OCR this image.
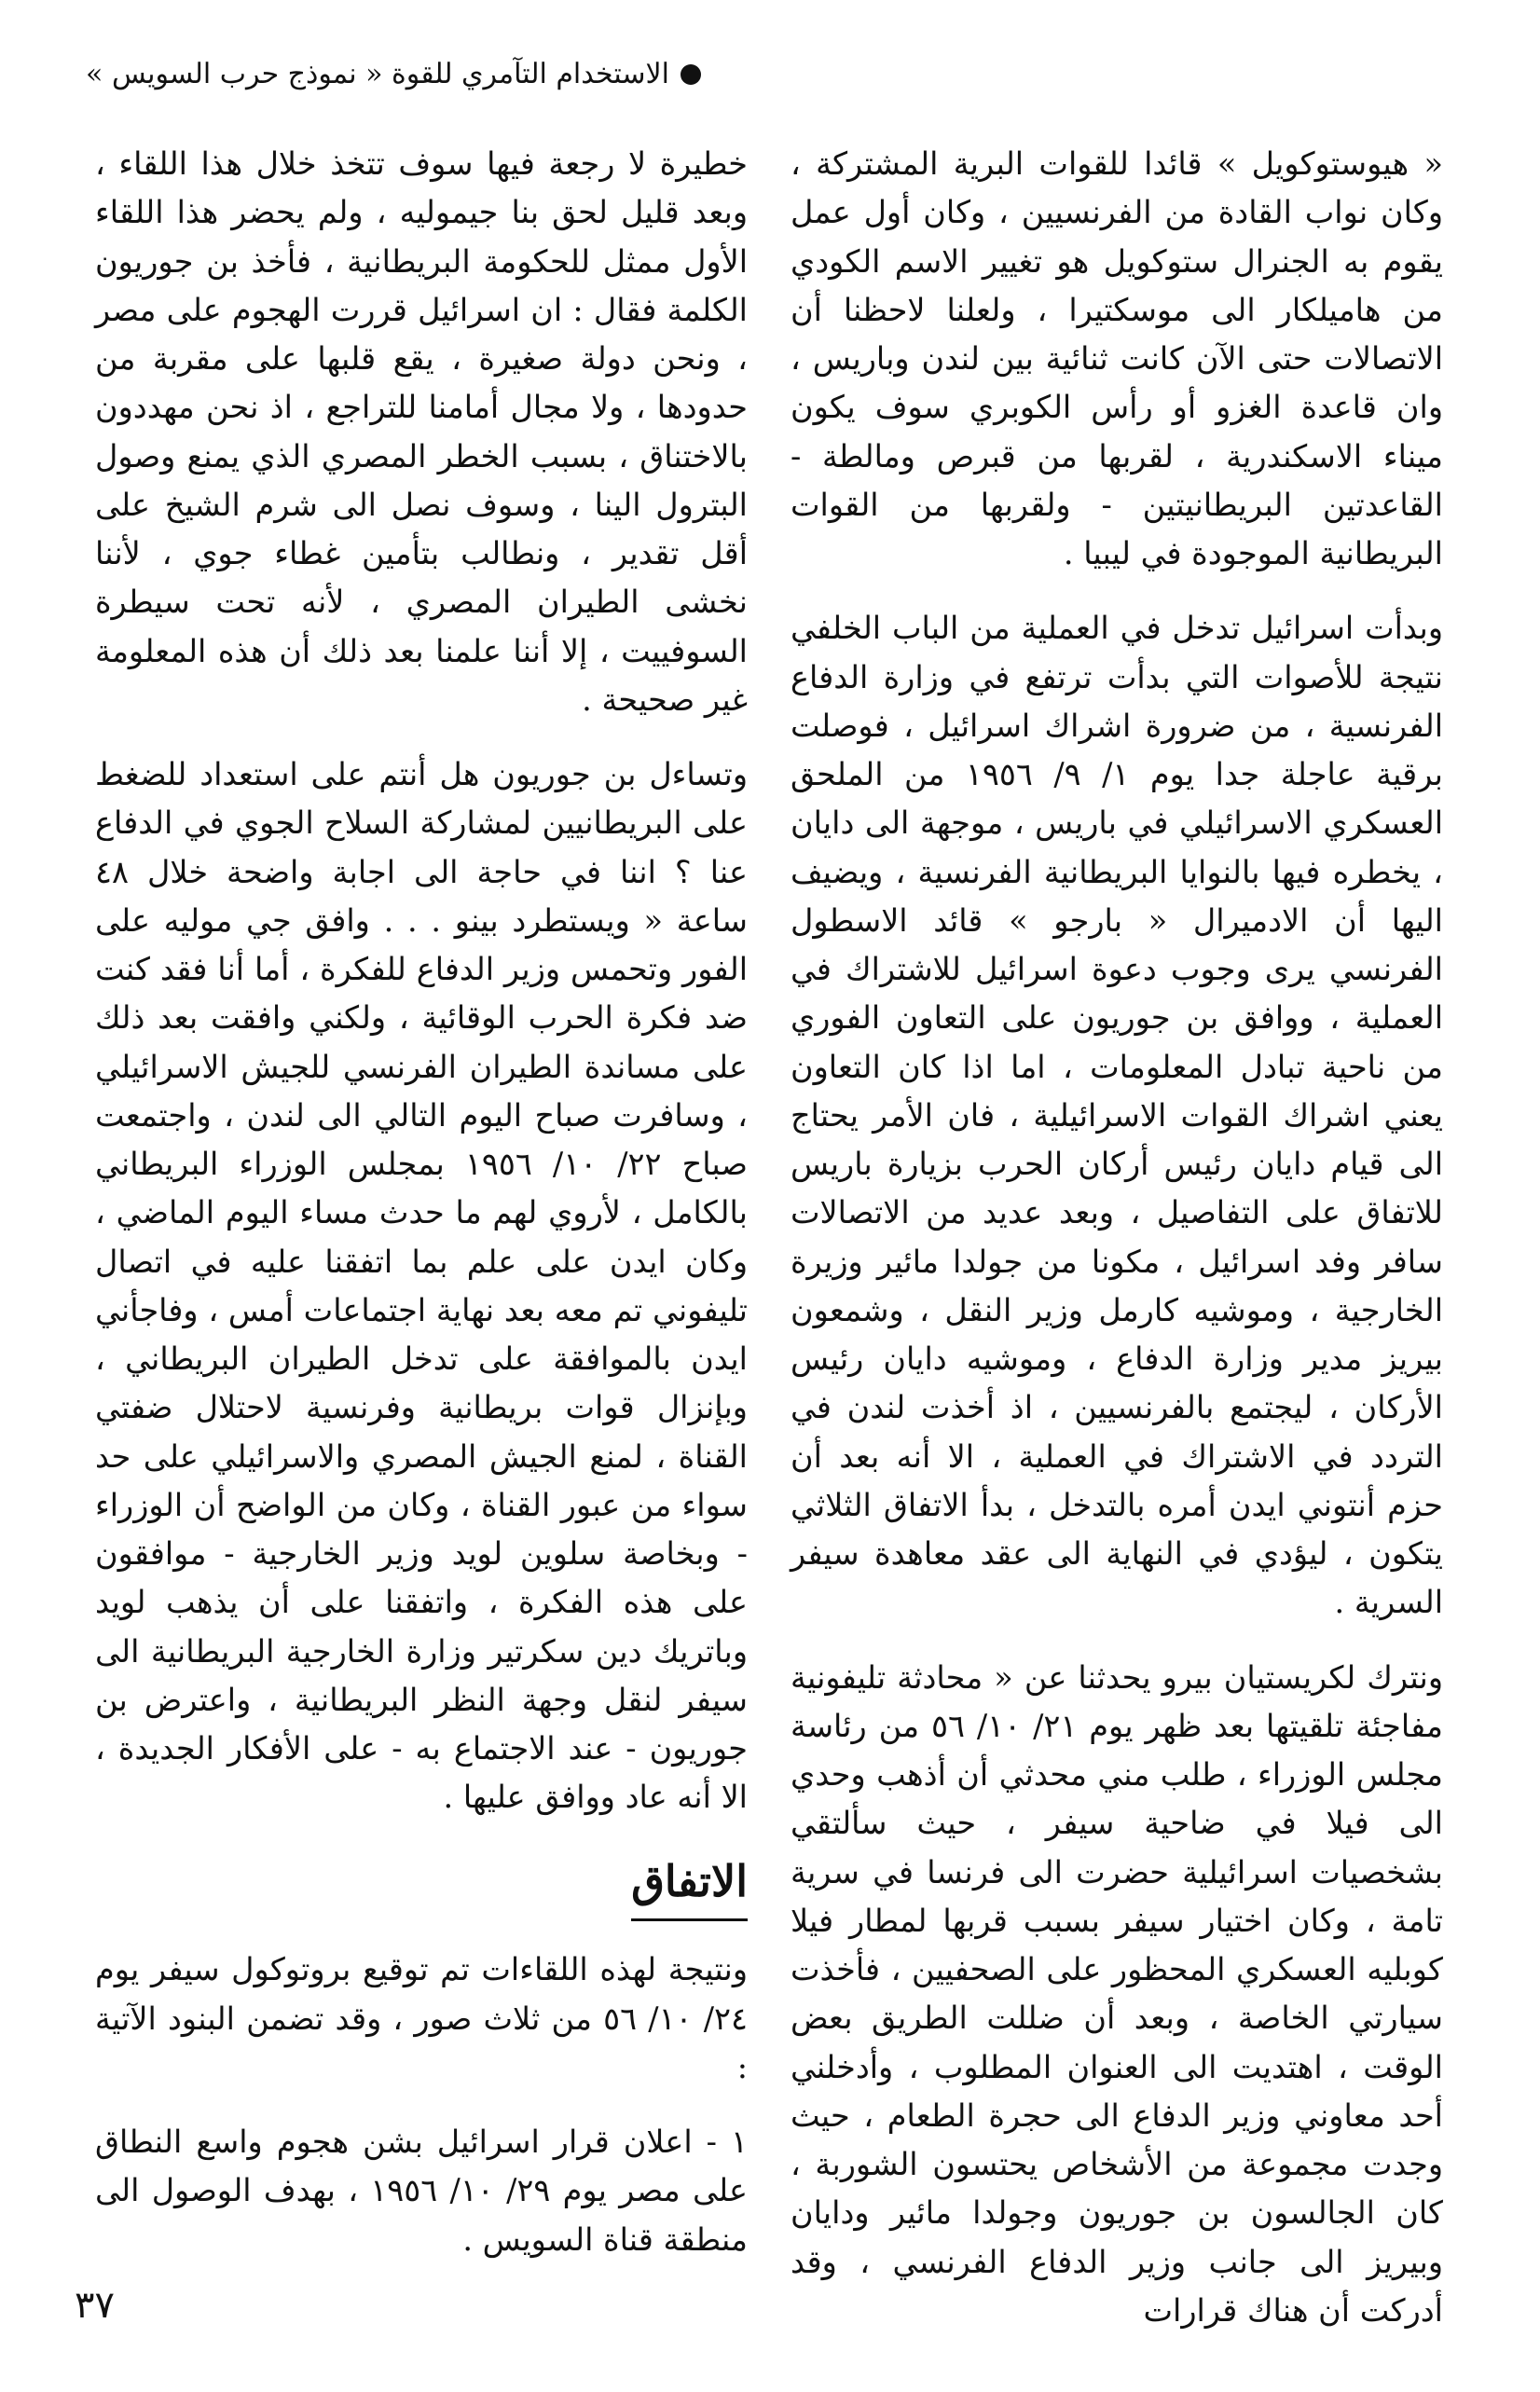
الاستخدام التآمري للقوة « نموذج حرب السويس »

« هيوستوكويل » قائدا للقوات البرية المشتركة ، وكان نواب القادة من الفرنسيين ، وكان أول عمل يقوم به الجنرال ستوكويل هو تغيير الاسم الكودي من هاميلكار الى موسكتيرا ، ولعلنا لاحظنا أن الاتصالات حتى الآن كانت ثنائية بين لندن وباريس ، وان قاعدة الغزو أو رأس الكوبري سوف يكون ميناء الاسكندرية ، لقربها من قبرص ومالطة - القاعدتين البريطانيتين - ولقربها من القوات البريطانية الموجودة في ليبيا .

وبدأت اسرائيل تدخل في العملية من الباب الخلفي نتيجة للأصوات التي بدأت ترتفع في وزارة الدفاع الفرنسية ، من ضرورة اشراك اسرائيل ، فوصلت برقية عاجلة جدا يوم ١/ ٩/ ١٩٥٦ من الملحق العسكري الاسرائيلي في باريس ، موجهة الى دايان ، يخطره فيها بالنوايا البريطانية الفرنسية ، ويضيف اليها أن الادميرال « بارجو » قائد الاسطول الفرنسي يرى وجوب دعوة اسرائيل للاشتراك في العملية ، ووافق بن جوريون على التعاون الفوري من ناحية تبادل المعلومات ، اما اذا كان التعاون يعني اشراك القوات الاسرائيلية ، فان الأمر يحتاج الى قيام دايان رئيس أركان الحرب بزيارة باريس للاتفاق على التفاصيل ، وبعد عديد من الاتصالات سافر وفد اسرائيل ، مكونا من جولدا مائير وزيرة الخارجية ، وموشيه كارمل وزير النقل ، وشمعون بيريز مدير وزارة الدفاع ، وموشيه دايان رئيس الأركان ، ليجتمع بالفرنسيين ، اذ أخذت لندن في التردد في الاشتراك في العملية ، الا أنه بعد أن حزم أنتوني ايدن أمره بالتدخل ، بدأ الاتفاق الثلاثي يتكون ، ليؤدي في النهاية الى عقد معاهدة سيفر السرية .

ونترك لكريستيان بيرو يحدثنا عن « محادثة تليفونية مفاجئة تلقيتها بعد ظهر يوم ٢١/ ١٠/ ٥٦ من رئاسة مجلس الوزراء ، طلب مني محدثي أن أذهب وحدي الى فيلا في ضاحية سيفر ، حيث سألتقي بشخصيات اسرائيلية حضرت الى فرنسا في سرية تامة ، وكان اختيار سيفر بسبب قربها لمطار فيلا كوبليه العسكري المحظور على الصحفيين ، فأخذت سيارتي الخاصة ، وبعد أن ضللت الطريق بعض الوقت ، اهتديت الى العنوان المطلوب ، وأدخلني أحد معاوني وزير الدفاع الى حجرة الطعام ، حيث وجدت مجموعة من الأشخاص يحتسون الشوربة ، كان الجالسون بن جوريون وجولدا مائير ودايان وبيريز الى جانب وزير الدفاع الفرنسي ، وقد أدركت أن هناك قرارات

خطيرة لا رجعة فيها سوف تتخذ خلال هذا اللقاء ، وبعد قليل لحق بنا جيموليه ، ولم يحضر هذا اللقاء الأول ممثل للحكومة البريطانية ، فأخذ بن جوريون الكلمة فقال : ان اسرائيل قررت الهجوم على مصر ، ونحن دولة صغيرة ، يقع قلبها على مقربة من حدودها ، ولا مجال أمامنا للتراجع ، اذ نحن مهددون بالاختناق ، بسبب الخطر المصري الذي يمنع وصول البترول الينا ، وسوف نصل الى شرم الشيخ على أقل تقدير ، ونطالب بتأمين غطاء جوي ، لأننا نخشى الطيران المصري ، لأنه تحت سيطرة السوفييت ، إلا أننا علمنا بعد ذلك أن هذه المعلومة غير صحيحة .

وتساءل بن جوريون هل أنتم على استعداد للضغط على البريطانيين لمشاركة السلاح الجوي في الدفاع عنا ؟ اننا في حاجة الى اجابة واضحة خلال ٤٨ ساعة « ويستطرد بينو . . . وافق جي موليه على الفور وتحمس وزير الدفاع للفكرة ، أما أنا فقد كنت ضد فكرة الحرب الوقائية ، ولكني وافقت بعد ذلك على مساندة الطيران الفرنسي للجيش الاسرائيلي ، وسافرت صباح اليوم التالي الى لندن ، واجتمعت صباح ٢٢/ ١٠/ ١٩٥٦ بمجلس الوزراء البريطاني بالكامل ، لأروي لهم ما حدث مساء اليوم الماضي ، وكان ايدن على علم بما اتفقنا عليه في اتصال تليفوني تم معه بعد نهاية اجتماعات أمس ، وفاجأني ايدن بالموافقة على تدخل الطيران البريطاني ، وبإنزال قوات بريطانية وفرنسية لاحتلال ضفتي القناة ، لمنع الجيش المصري والاسرائيلي على حد سواء من عبور القناة ، وكان من الواضح أن الوزراء - وبخاصة سلوين لويد وزير الخارجية - موافقون على هذه الفكرة ، واتفقنا على أن يذهب لويد وباتريك دين سكرتير وزارة الخارجية البريطانية الى سيفر لنقل وجهة النظر البريطانية ، واعترض بن جوريون - عند الاجتماع به - على الأفكار الجديدة ، الا أنه عاد ووافق عليها .

الاتفاق

ونتيجة لهذه اللقاءات تم توقيع بروتوكول سيفر يوم ٢٤/ ١٠/ ٥٦ من ثلاث صور ، وقد تضمن البنود الآتية :

١ - اعلان قرار اسرائيل بشن هجوم واسع النطاق على مصر يوم ٢٩/ ١٠/ ١٩٥٦ ، بهدف الوصول الى منطقة قناة السويس .

٣٧
